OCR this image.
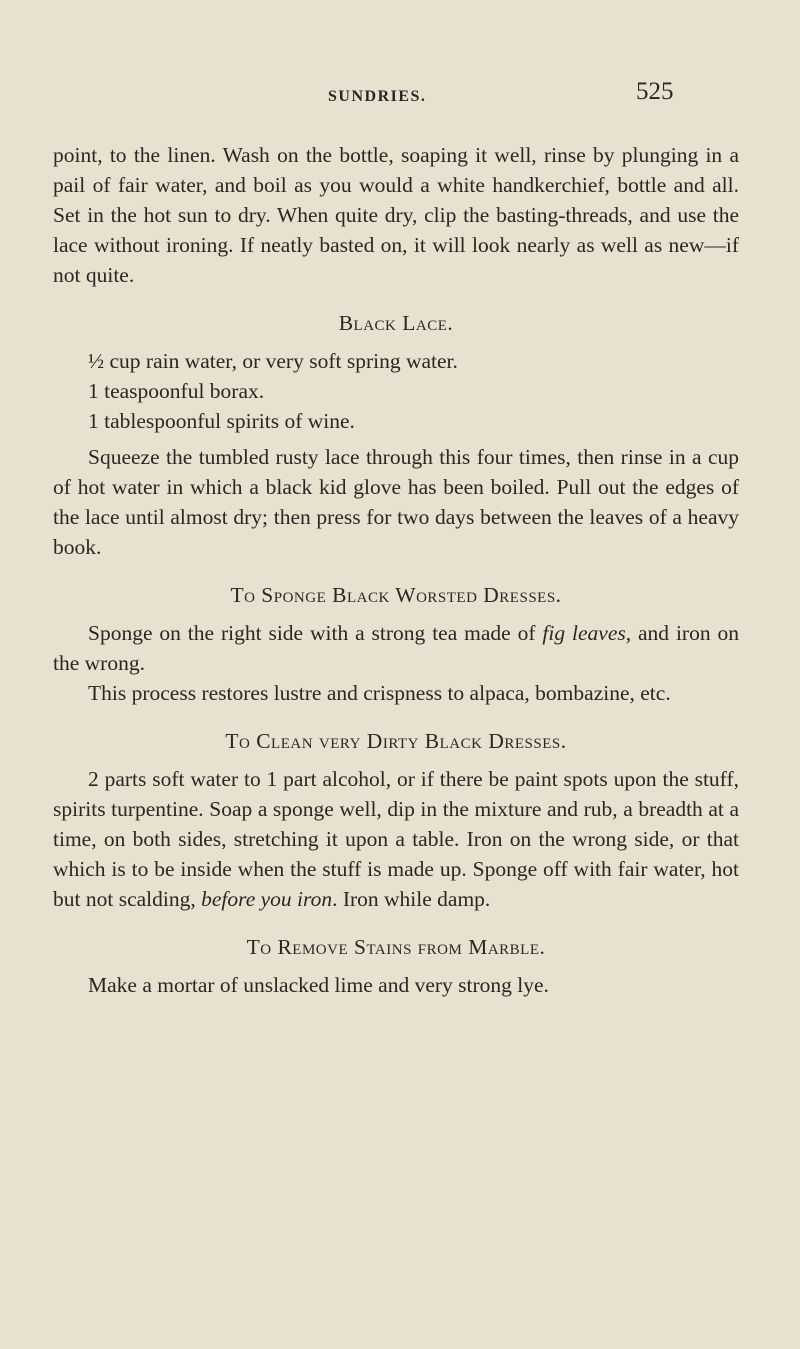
SUNDRIES.	525

point, to the linen. Wash on the bottle, soaping it well, rinse by plunging in a pail of fair water, and boil as you would a white handkerchief, bottle and all. Set in the hot sun to dry. When quite dry, clip the basting-threads, and use the lace without ironing. If neatly basted on, it will look nearly as well as new—if not quite.

Black Lace.
½ cup rain water, or very soft spring water.
1 teaspoonful borax.
1 tablespoonful spirits of wine.

Squeeze the tumbled rusty lace through this four times, then rinse in a cup of hot water in which a black kid glove has been boiled. Pull out the edges of the lace until almost dry; then press for two days between the leaves of a heavy book.

To Sponge Black Worsted Dresses.

Sponge on the right side with a strong tea made of fig leaves, and iron on the wrong.

This process restores lustre and crispness to alpaca, bombazine, etc.

To Clean very Dirty Black Dresses.

2 parts soft water to 1 part alcohol, or if there be paint spots upon the stuff, spirits turpentine. Soap a sponge well, dip in the mixture and rub, a breadth at a time, on both sides, stretching it upon a table. Iron on the wrong side, or that which is to be inside when the stuff is made up. Sponge off with fair water, hot but not scalding, before you iron. Iron while damp.

To Remove Stains from Marble.

Make a mortar of unslacked lime and very strong lye.
